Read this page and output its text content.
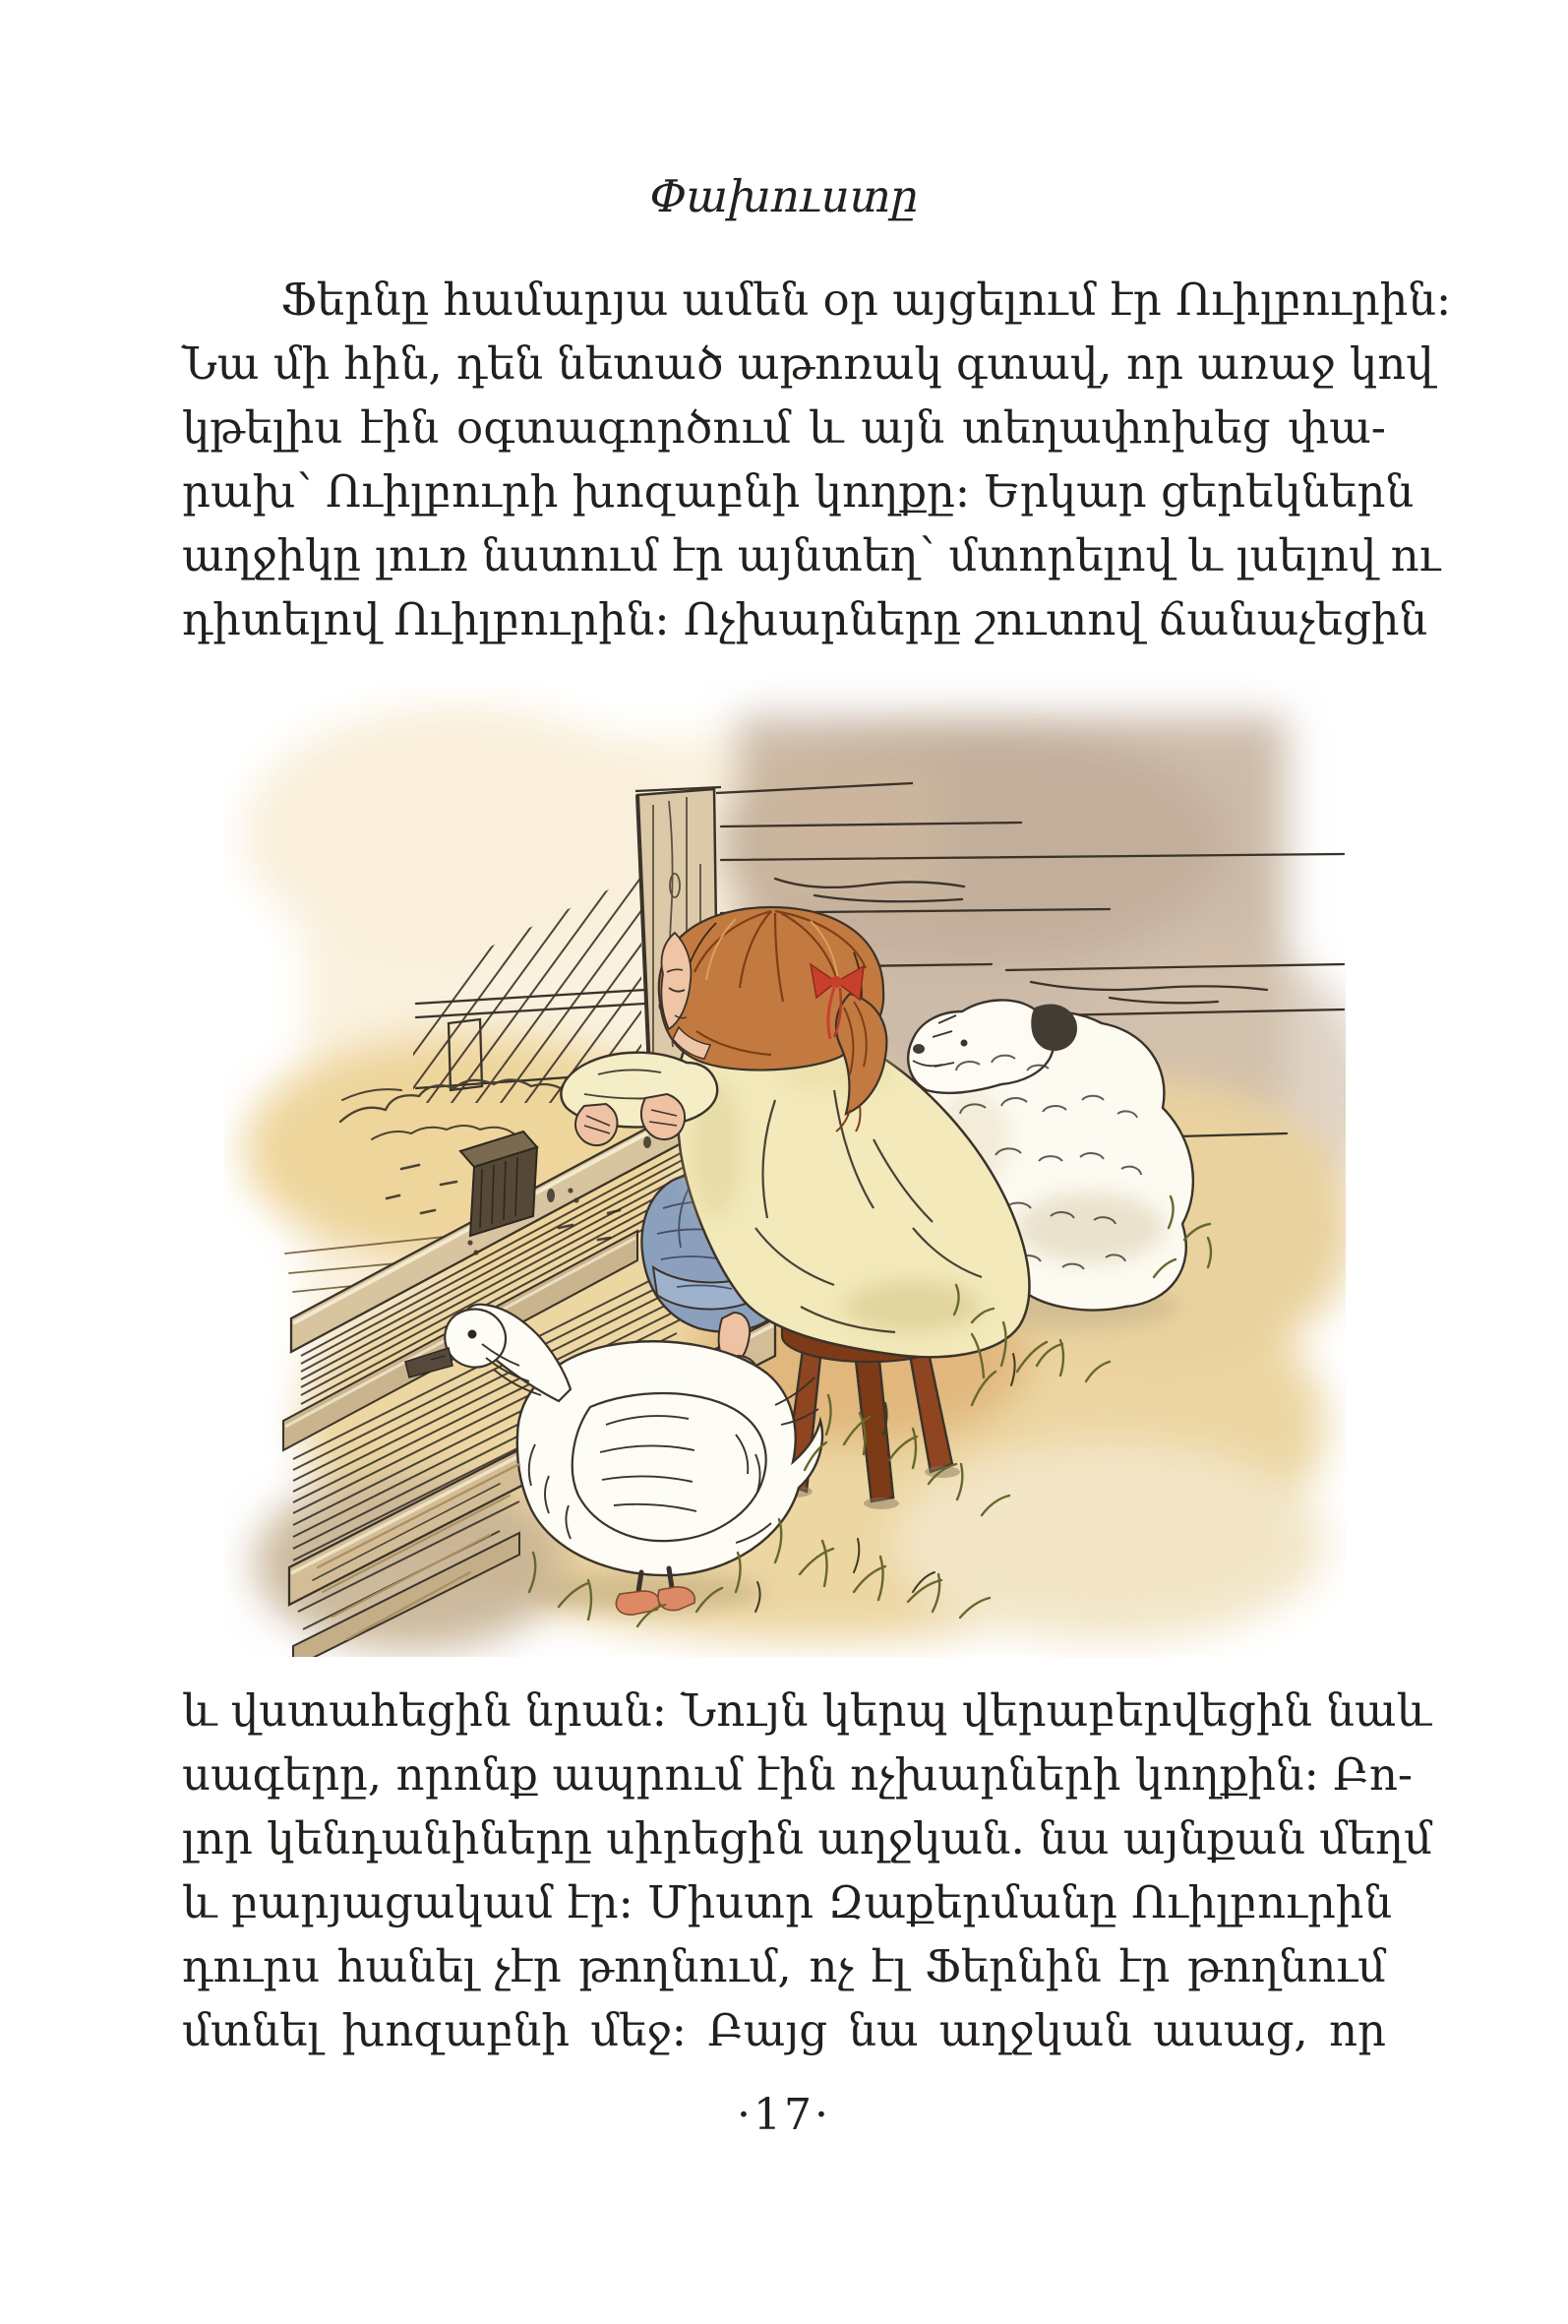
Փախուստը
Ֆերնը համարյա ամեն օր այցելում էր Ուիլբուրին։
Նա մի հին, դեն նետած աթոռակ գտավ, որ առաջ կով
կթելիս էին օգտագործում և այն տեղափոխեց փա-
րախ՝ Ուիլբուրի խոզաբնի կողքը։ Երկար ցերեկներն
աղջիկը լուռ նստում էր այնտեղ՝ մտորելով և լսելով ու
դիտելով Ուիլբուրին։ Ոչխարները շուտով ճանաչեցին
և վստահեցին նրան։ Նույն կերպ վերաբերվեցին նաև
սագերը, որոնք ապրում էին ոչխարների կողքին։ Բո-
լոր կենդանիները սիրեցին աղջկան. նա այնքան մեղմ
և բարյացակամ էր։ Միստր Զաքերմանը Ուիլբուրին
դուրս հանել չէր թողնում, ոչ էլ Ֆերնին էր թողնում
մտնել խոզաբնի մեջ։ Բայց նա աղջկան ասաց, որ
·17·
